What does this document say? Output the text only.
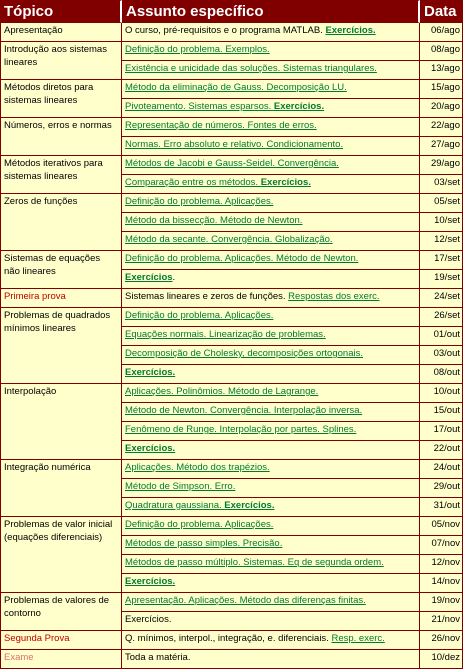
Tópico	Assunto específico	Data
Apresentação	O curso, pré-requisitos e o programa MATLAB. Exercícios.	06/ago
Introdução aos sistemas lineares	Definição do problema. Exemplos.	08/ago
	Existência e unicidade das soluções. Sistemas triangulares.	13/ago
Métodos diretos para sistemas lineares	Método da eliminação de Gauss. Decomposição LU.	15/ago
	Pivoteamento. Sistemas esparsos. Exercícios.	20/ago
Números, erros e normas	Representação de números. Fontes de erros.	22/ago
	Normas. Erro absoluto e relativo. Condicionamento.	27/ago
Métodos iterativos para sistemas lineares	Métodos de Jacobi e Gauss-Seidel. Convergência.	29/ago
	Comparação entre os métodos. Exercícios.	03/set
Zeros de funções	Definição do problema. Aplicações.	05/set
	Método da bissecção. Método de Newton.	10/set
	Método da secante. Convergência. Globalização.	12/set
Sistemas de equações não lineares	Definição do problema. Aplicações. Método de Newton.	17/set
	Exercícios.	19/set
Primeira prova	Sistemas lineares e zeros de funções. Respostas dos exerc.	24/set
Problemas de quadrados mínimos lineares	Definição do problema. Aplicações.	26/set
	Equações normais. Linearização de problemas.	01/out
	Decomposição de Cholesky, decomposições ortogonais.	03/out
	Exercícios.	08/out
Interpolação	Aplicações. Polinômios. Método de Lagrange.	10/out
	Método de Newton. Convergência. Interpolação inversa.	15/out
	Fenômeno de Runge. Interpolação por partes. Splines.	17/out
	Exercícios.	22/out
Integração numérica	Aplicações. Método dos trapézios.	24/out
	Método de Simpson. Erro.	29/out
	Quadratura gaussiana. Exercícios.	31/out
Problemas de valor inicial (equações diferenciais)	Definição do problema. Aplicações.	05/nov
	Métodos de passo simples. Precisão.	07/nov
	Métodos de passo múltiplo. Sistemas. Eq de segunda ordem.	12/nov
	Exercícios.	14/nov
Problemas de valores de contorno	Apresentação. Aplicações. Método das diferenças finitas.	19/nov
	Exercícios.	21/nov
Segunda Prova	Q. mínimos, interpol., integração, e. diferenciais. Resp. exerc.	26/nov
Exame	Toda a matéria.	10/dez
